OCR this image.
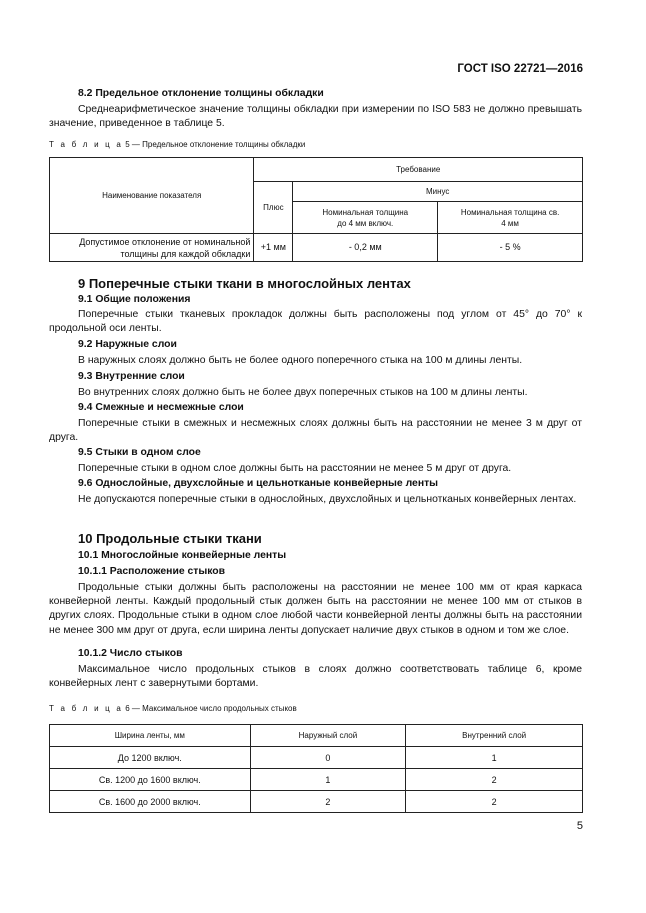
ГОСТ ISO 22721—2016
8.2 Предельное отклонение толщины обкладки
Среднеарифметическое значение толщины обкладки при измерении по ISO 583 не должно превышать значение, приведенное в таблице 5.
Т а б л и ц а 5 — Предельное отклонение толщины обкладки
Наименование показателя	Требование		
	Плюс	Минус	
		Номинальная толщина до 4 мм включ.	Номинальная толщина св. 4 мм
Допустимое отклонение от номинальной толщины для каждой обкладки	+1 мм	- 0,2 мм	- 5 %
9 Поперечные стыки ткани в многослойных лентах
9.1 Общие положения
Поперечные стыки тканевых прокладок должны быть расположены под углом от 45° до 70° к продольной оси ленты.
9.2 Наружные слои
В наружных слоях должно быть не более одного поперечного стыка на 100 м длины ленты.
9.3 Внутренние слои
Во внутренних слоях должно быть не более двух поперечных стыков на 100 м длины ленты.
9.4 Смежные и несмежные слои
Поперечные стыки в смежных и несмежных слоях должны быть на расстоянии не менее 3 м друг от друга.
9.5 Стыки в одном слое
Поперечные стыки в одном слое должны быть на расстоянии не менее 5 м друг от друга.
9.6 Однослойные, двухслойные и цельнотканые конвейерные ленты
Не допускаются поперечные стыки в однослойных, двухслойных и цельнотканых конвейерных лентах.
10 Продольные стыки ткани
10.1 Многослойные конвейерные ленты
10.1.1 Расположение стыков
Продольные стыки должны быть расположены на расстоянии не менее 100 мм от края каркаса конвейерной ленты. Каждый продольный стык должен быть на расстоянии не менее 100 мм от стыков в других слоях. Продольные стыки в одном слое любой части конвейерной ленты должны быть на расстоянии не менее 300 мм друг от друга, если ширина ленты допускает наличие двух стыков в одном и том же слое.
10.1.2 Число стыков
Максимальное число продольных стыков в слоях должно соответствовать таблице 6, кроме конвейерных лент с завернутыми бортами.
Т а б л и ц а 6 — Максимальное число продольных стыков
Ширина ленты, мм	Наружный слой	Внутренний слой
До 1200 включ.	0	1
Св. 1200 до 1600 включ.	1	2
Св. 1600 до 2000 включ.	2	2
5
